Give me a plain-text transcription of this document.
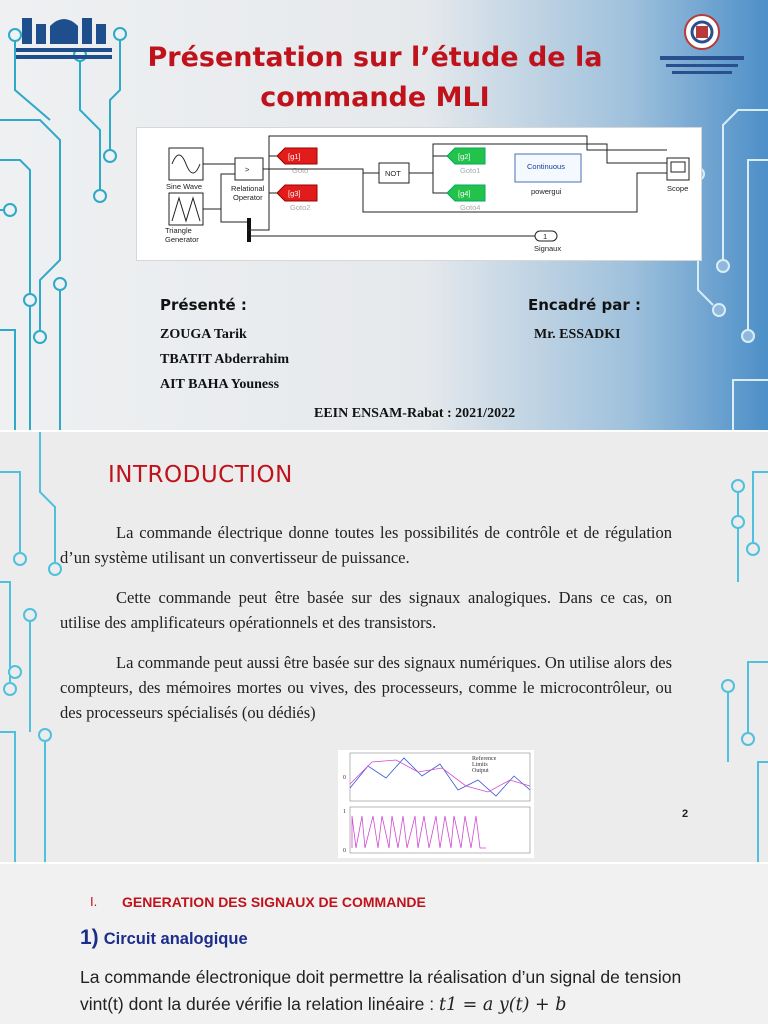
Présentation sur l’étude de la commande MLI
Sine Wave
Triangle Generator
>
Relational Operator
[g1]
Goto
[g3]
Goto2
NOT
[g2]
Goto1
[g4]
Goto4
Continuous
powergui	Scope
1
Signaux
Présenté :
ZOUGA Tarik
TBATIT Abderrahim
AIT BAHA Youness
Encadré par :
Mr. ESSADKI
EEIN ENSAM-Rabat : 2021/2022
INTRODUCTION
La commande électrique donne toutes les possibilités de contrôle et de régulation d’un système utilisant un convertisseur de puissance.
Cette commande peut être basée sur des signaux analogiques. Dans ce cas, on utilise des amplificateurs opérationnels et des transistors.
La commande peut aussi être basée sur des signaux numériques. On utilise alors des compteurs, des mémoires mortes ou vives, des processeurs, comme le microcontrôleur, ou des processeurs spécialisés (ou dédiés)
0
1
0
Reference
Limits
Output
2
I. GENERATION DES SIGNAUX DE COMMANDE
1) Circuit analogique
La commande électronique doit permettre la réalisation d’un signal de tension vint(t) dont la durée vérifie la relation linéaire : t1 = a y(t) + b
